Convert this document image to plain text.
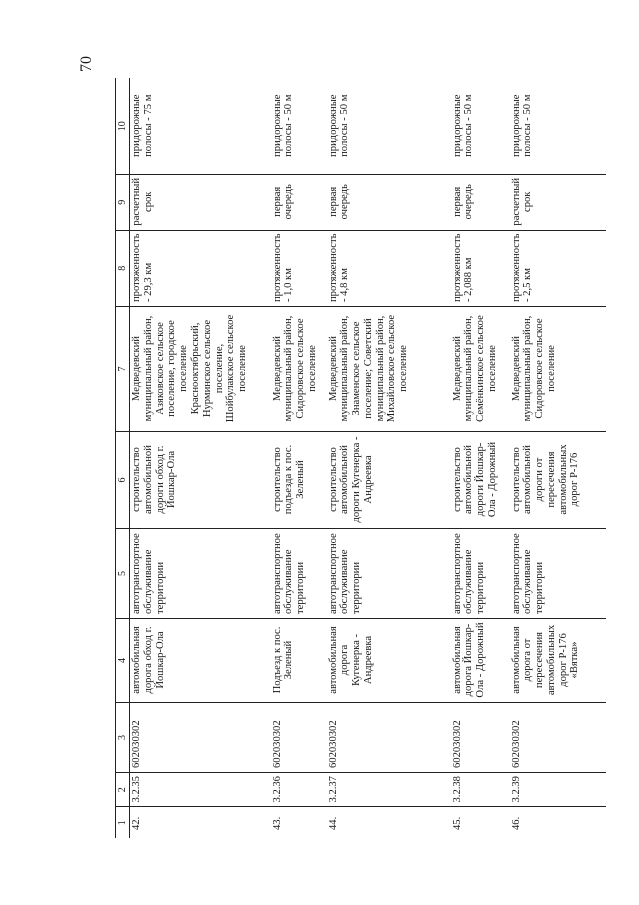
70
1	2	3	4	5	6	7	8	9	10
42.	3.2.35	602030302	автомобильная дорога обход г. Йошкар-Ола	автотранспортное обслуживание территории	строительство автомобильной дороги обход г. Йошкар-Ола	Медведевский муниципальный район, Азяковское сельское поселение, городское поселение Краснооктябрьский, Нурминское сельское поселение, Шойбулакское сельское поселение	протяженность - 29,3 км	расчетный срок	придорожные полосы - 75 м
43.	3.2.36	602030302	Подъезд к пос. Зеленый	автотранспортное обслуживание территории	строительство подъезда к пос. Зеленый	Медведевский муниципальный район, Сидоровское сельское поселение	протяженность - 1,0 км	первая очередь	придорожные полосы - 50 м
44.	3.2.37	602030302	автомобильная дорога Кугенерка - Андреевка	автотранспортное обслуживание территории	строительство автомобильной дороги Кугенерка - Андреевка	Медведевский муниципальный район, Знаменское сельское поселение; Советский муниципальный район, Михайловское сельское поселение	протяженность - 4,8 км	первая очередь	придорожные полосы - 50 м
45.	3.2.38	602030302	автомобильная дорога Йошкар-Ола - Дорожный	автотранспортное обслуживание территории	строительство автомобильной дороги Йошкар-Ола - Дорожный	Медведевский муниципальный район, Семёнкинское сельское поселение	протяженность - 2,088 км	первая очередь	придорожные полосы - 50 м
46.	3.2.39	602030302	автомобильная дорога от пересечения автомобильных дорог Р-176 «Вятка»	автотранспортное обслуживание территории	строительство автомобильной дороги от пересечения автомобильных дорог Р-176	Медведевский муниципальный район, Сидоровское сельское поселение	протяженность - 2,5 км	расчетный срок	придорожные полосы - 50 м
